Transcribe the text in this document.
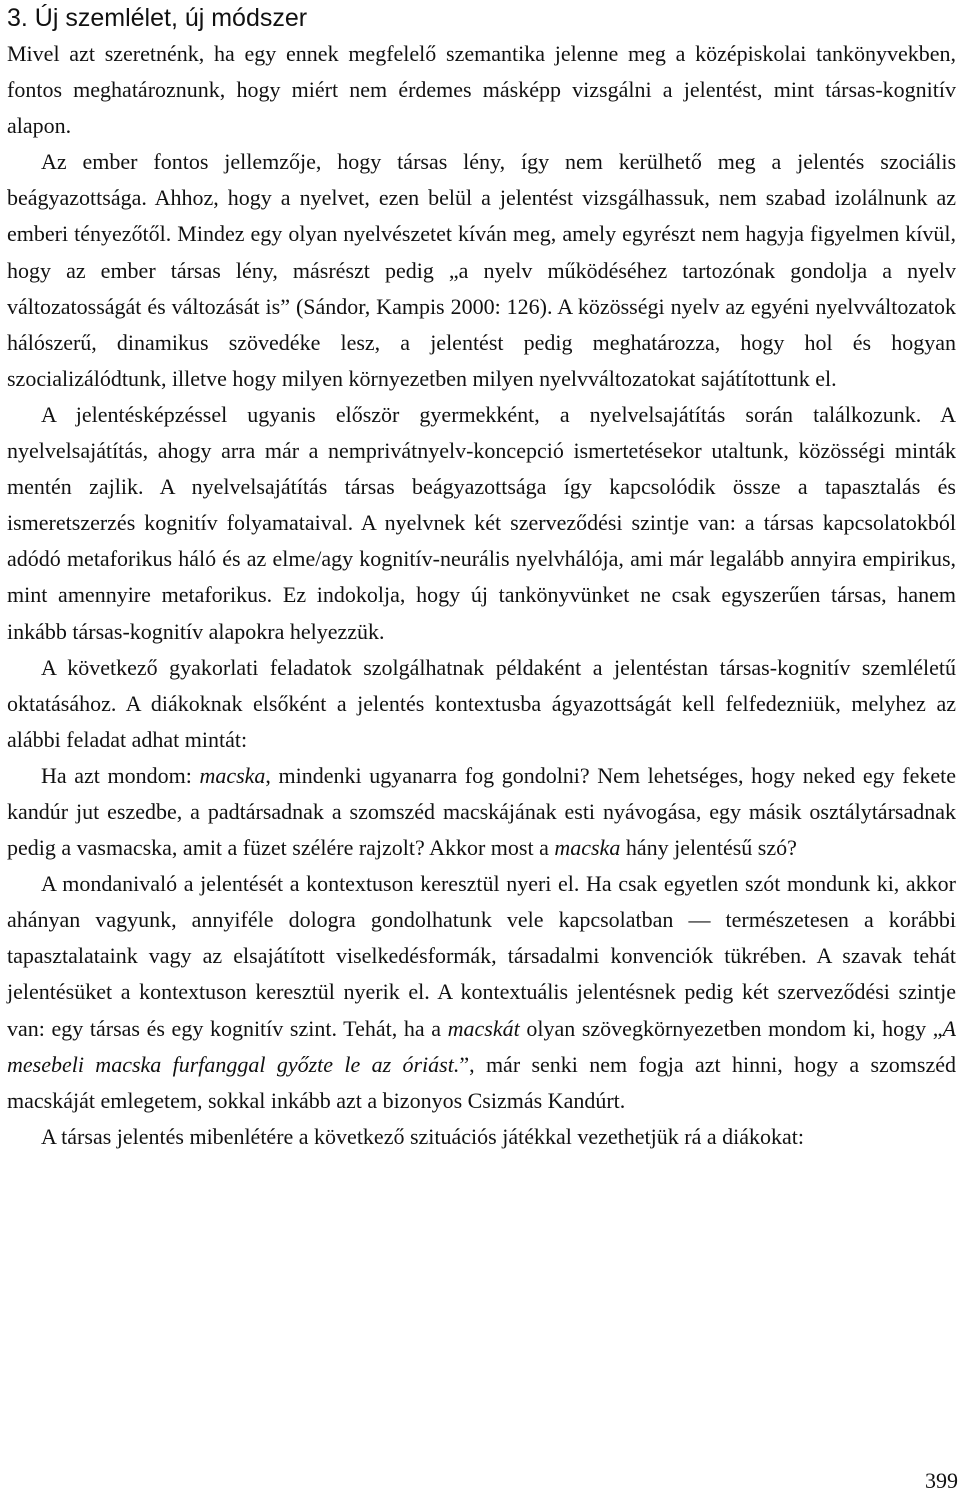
3. Új szemlélet, új módszer

Mivel azt szeretnénk, ha egy ennek megfelelő szemantika jelenne meg a középiskolai tankönyvekben, fontos meghatároznunk, hogy miért nem érdemes másképp vizsgálni a jelentést, mint társas-kognitív alapon.

Az ember fontos jellemzője, hogy társas lény, így nem kerülhető meg a jelentés szociális beágyazottsága. Ahhoz, hogy a nyelvet, ezen belül a jelentést vizsgálhassuk, nem szabad izolálnunk az emberi tényezőtől. Mindez egy olyan nyelvészetet kíván meg, amely egyrészt nem hagyja figyelmen kívül, hogy az ember társas lény, másrészt pedig „a nyelv működéséhez tartozónak gondolja a nyelv változatosságát és változását is” (Sándor, Kampis 2000: 126). A közösségi nyelv az egyéni nyelvváltozatok hálószerű, dinamikus szövedéke lesz, a jelentést pedig meghatározza, hogy hol és hogyan szocializálódtunk, illetve hogy milyen környezetben milyen nyelvváltozatokat sajátítottunk el.

A jelentésképzéssel ugyanis először gyermekként, a nyelvelsajátítás során találkozunk. A nyelvelsajátítás, ahogy arra már a nemprivátnyelv-koncepció ismertetésekor utaltunk, közösségi minták mentén zajlik. A nyelvelsajátítás társas beágyazottsága így kapcsolódik össze a tapasztalás és ismeretszerzés kognitív folyamataival. A nyelvnek két szerveződési szintje van: a társas kapcsolatokból adódó metaforikus háló és az elme/agy kognitív-neurális nyelvhálója, ami már legalább annyira empirikus, mint amennyire metaforikus. Ez indokolja, hogy új tankönyvünket ne csak egyszerűen társas, hanem inkább társas-kognitív alapokra helyezzük.

A következő gyakorlati feladatok szolgálhatnak példaként a jelentéstan társas-kognitív szemléletű oktatásához. A diákoknak elsőként a jelentés kontextusba ágyazottságát kell felfedezniük, melyhez az alábbi feladat adhat mintát:

Ha azt mondom: macska, mindenki ugyanarra fog gondolni? Nem lehetséges, hogy neked egy fekete kandúr jut eszedbe, a padtársadnak a szomszéd macskájának esti nyávogása, egy másik osztálytársadnak pedig a vasmacska, amit a füzet szélére rajzolt? Akkor most a macska hány jelentésű szó?

A mondanivaló a jelentését a kontextuson keresztül nyeri el. Ha csak egyetlen szót mondunk ki, akkor ahányan vagyunk, annyiféle dologra gondolhatunk vele kapcsolatban — természetesen a korábbi tapasztalataink vagy az elsajátított viselkedésformák, társadalmi konvenciók tükrében. A szavak tehát jelentésüket a kontextuson keresztül nyerik el. A kontextuális jelentésnek pedig két szerveződési szintje van: egy társas és egy kognitív szint. Tehát, ha a macskát olyan szövegkörnyezetben mondom ki, hogy „A mesebeli macska furfanggal győzte le az óriást.”, már senki nem fogja azt hinni, hogy a szomszéd macskáját emlegetem, sokkal inkább azt a bizonyos Csizmás Kandúrt.

A társas jelentés mibenlétére a következő szituációs játékkal vezethetjük rá a diákokat:

399
